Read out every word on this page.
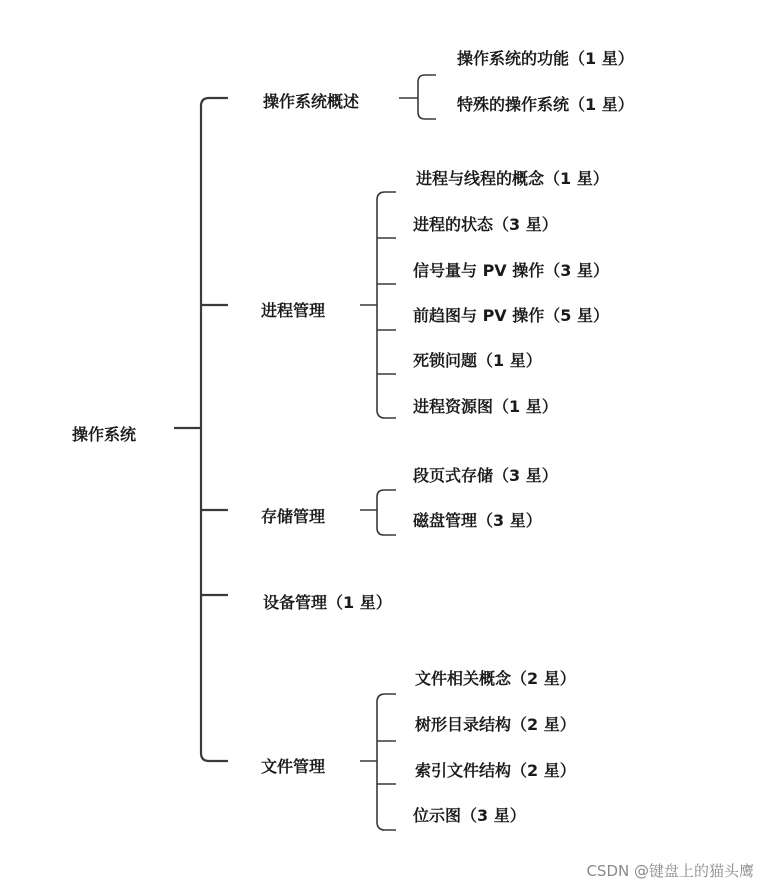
操作系统
操作系统概述
操作系统的功能（1 星）
特殊的操作系统（1 星）
进程管理
进程与线程的概念（1 星）
进程的状态（3 星）
信号量与 PV 操作（3 星）
前趋图与 PV 操作（5 星）
死锁问题（1 星）
进程资源图（1 星）
存储管理
段页式存储（3 星）
磁盘管理（3 星）
设备管理（1 星）
文件管理
文件相关概念（2 星）
树形目录结构（2 星）
索引文件结构（2 星）
位示图（3 星）
CSDN @键盘上的猫头鹰
